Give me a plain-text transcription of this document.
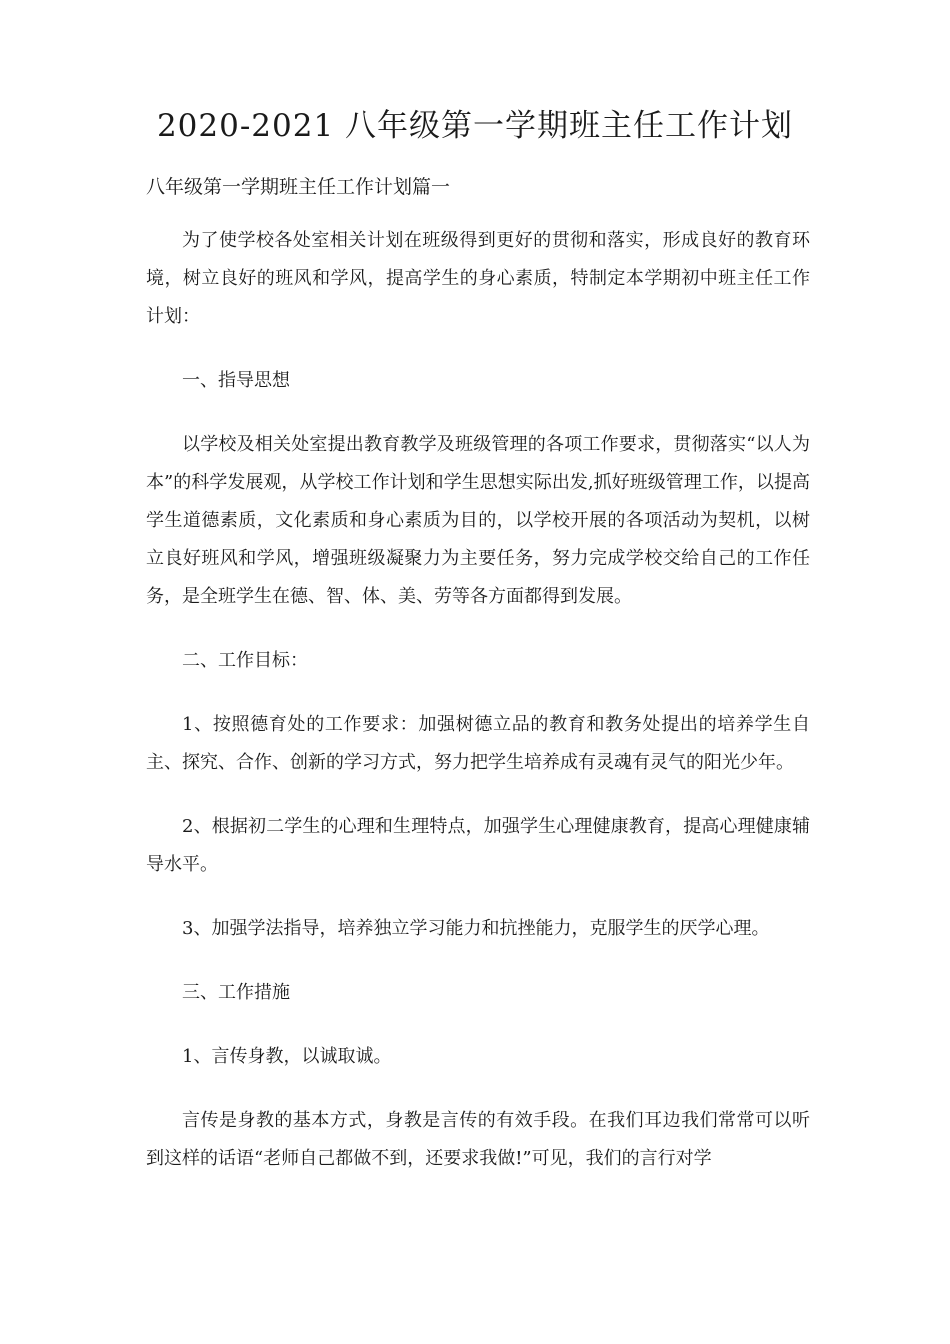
2020-2021 八年级第一学期班主任工作计划
八年级第一学期班主任工作计划篇一

为了使学校各处室相关计划在班级得到更好的贯彻和落实，形成良好的教育环境，树立良好的班风和学风，提高学生的身心素质，特制定本学期初中班主任工作计划：

一、指导思想

以学校及相关处室提出教育教学及班级管理的各项工作要求，贯彻落实“以人为本”的科学发展观，从学校工作计划和学生思想实际出发,抓好班级管理工作，以提高学生道德素质，文化素质和身心素质为目的，以学校开展的各项活动为契机，以树立良好班风和学风，增强班级凝聚力为主要任务，努力完成学校交给自己的工作任务，是全班学生在德、智、体、美、劳等各方面都得到发展。

二、工作目标：

1、按照德育处的工作要求：加强树德立品的教育和教务处提出的培养学生自主、探究、合作、创新的学习方式，努力把学生培养成有灵魂有灵气的阳光少年。

2、根据初二学生的心理和生理特点，加强学生心理健康教育，提高心理健康辅导水平。

3、加强学法指导，培养独立学习能力和抗挫能力，克服学生的厌学心理。

三、工作措施

1、言传身教，以诚取诚。

言传是身教的基本方式，身教是言传的有效手段。在我们耳边我们常常可以听到这样的话语“老师自己都做不到，还要求我做!”可见，我们的言行对学
